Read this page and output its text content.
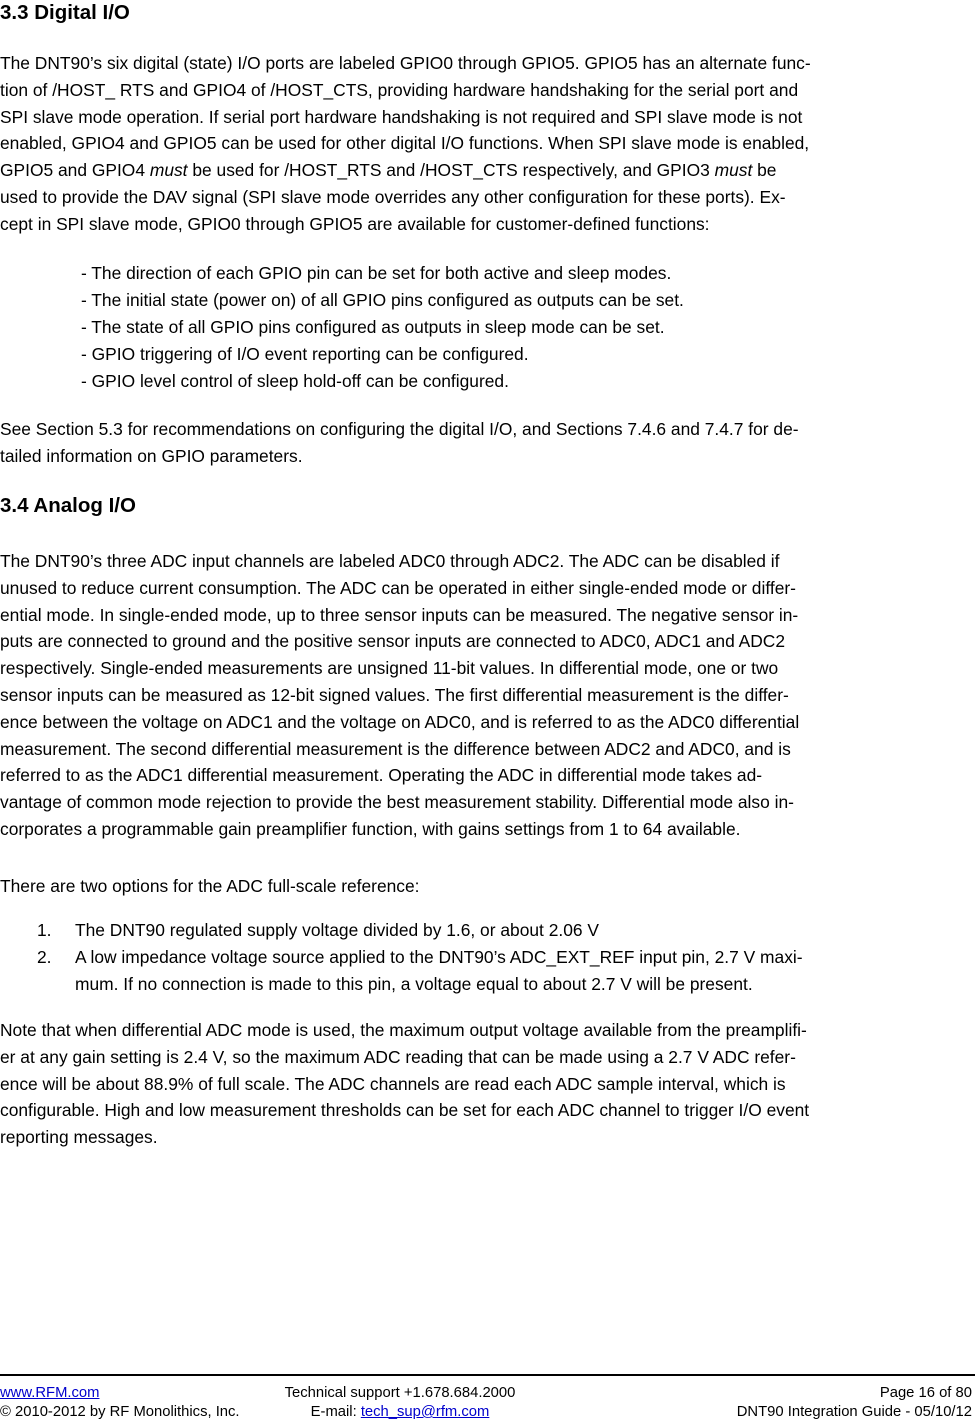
3.3 Digital I/O
The DNT90’s six digital (state) I/O ports are labeled GPIO0 through GPIO5. GPIO5 has an alternate func-
tion of /HOST_ RTS and GPIO4 of /HOST_CTS, providing hardware handshaking for the serial port and
SPI slave mode operation. If serial port hardware handshaking is not required and SPI slave mode is not
enabled, GPIO4 and GPIO5 can be used for other digital I/O functions. When SPI slave mode is enabled,
GPIO5 and GPIO4 must be used for /HOST_RTS and /HOST_CTS respectively, and GPIO3 must be
used to provide the DAV signal (SPI slave mode overrides any other configuration for these ports). Ex-
cept in SPI slave mode, GPIO0 through GPIO5 are available for customer-defined functions:
- The direction of each GPIO pin can be set for both active and sleep modes.
- The initial state (power on) of all GPIO pins configured as outputs can be set.
- The state of all GPIO pins configured as outputs in sleep mode can be set.
- GPIO triggering of I/O event reporting can be configured.
- GPIO level control of sleep hold-off can be configured.
See Section 5.3 for recommendations on configuring the digital I/O, and Sections 7.4.6 and 7.4.7 for de-
tailed information on GPIO parameters.
3.4 Analog I/O
The DNT90’s three ADC input channels are labeled ADC0 through ADC2. The ADC can be disabled if
unused to reduce current consumption. The ADC can be operated in either single-ended mode or differ-
ential mode. In single-ended mode, up to three sensor inputs can be measured. The negative sensor in-
puts are connected to ground and the positive sensor inputs are connected to ADC0, ADC1 and ADC2
respectively. Single-ended measurements are unsigned 11-bit values. In differential mode, one or two
sensor inputs can be measured as 12-bit signed values. The first differential measurement is the differ-
ence between the voltage on ADC1 and the voltage on ADC0, and is referred to as the ADC0 differential
measurement. The second differential measurement is the difference between ADC2 and ADC0, and is
referred to as the ADC1 differential measurement. Operating the ADC in differential mode takes ad-
vantage of common mode rejection to provide the best measurement stability. Differential mode also in-
corporates a programmable gain preamplifier function, with gains settings from 1 to 64 available.
There are two options for the ADC full-scale reference:
1. The DNT90 regulated supply voltage divided by 1.6, or about 2.06 V
2. A low impedance voltage source applied to the DNT90’s ADC_EXT_REF input pin, 2.7 V maxi-
mum. If no connection is made to this pin, a voltage equal to about 2.7 V will be present.
Note that when differential ADC mode is used, the maximum output voltage available from the preamplifi-
er at any gain setting is 2.4 V, so the maximum ADC reading that can be made using a 2.7 V ADC refer-
ence will be about 88.9% of full scale. The ADC channels are read each ADC sample interval, which is
configurable. High and low measurement thresholds can be set for each ADC channel to trigger I/O event
reporting messages.
www.RFM.com	Technical support +1.678.684.2000	Page 16 of 80
© 2010-2012 by RF Monolithics, Inc.	E-mail: tech_sup@rfm.com	DNT90 Integration Guide - 05/10/12
